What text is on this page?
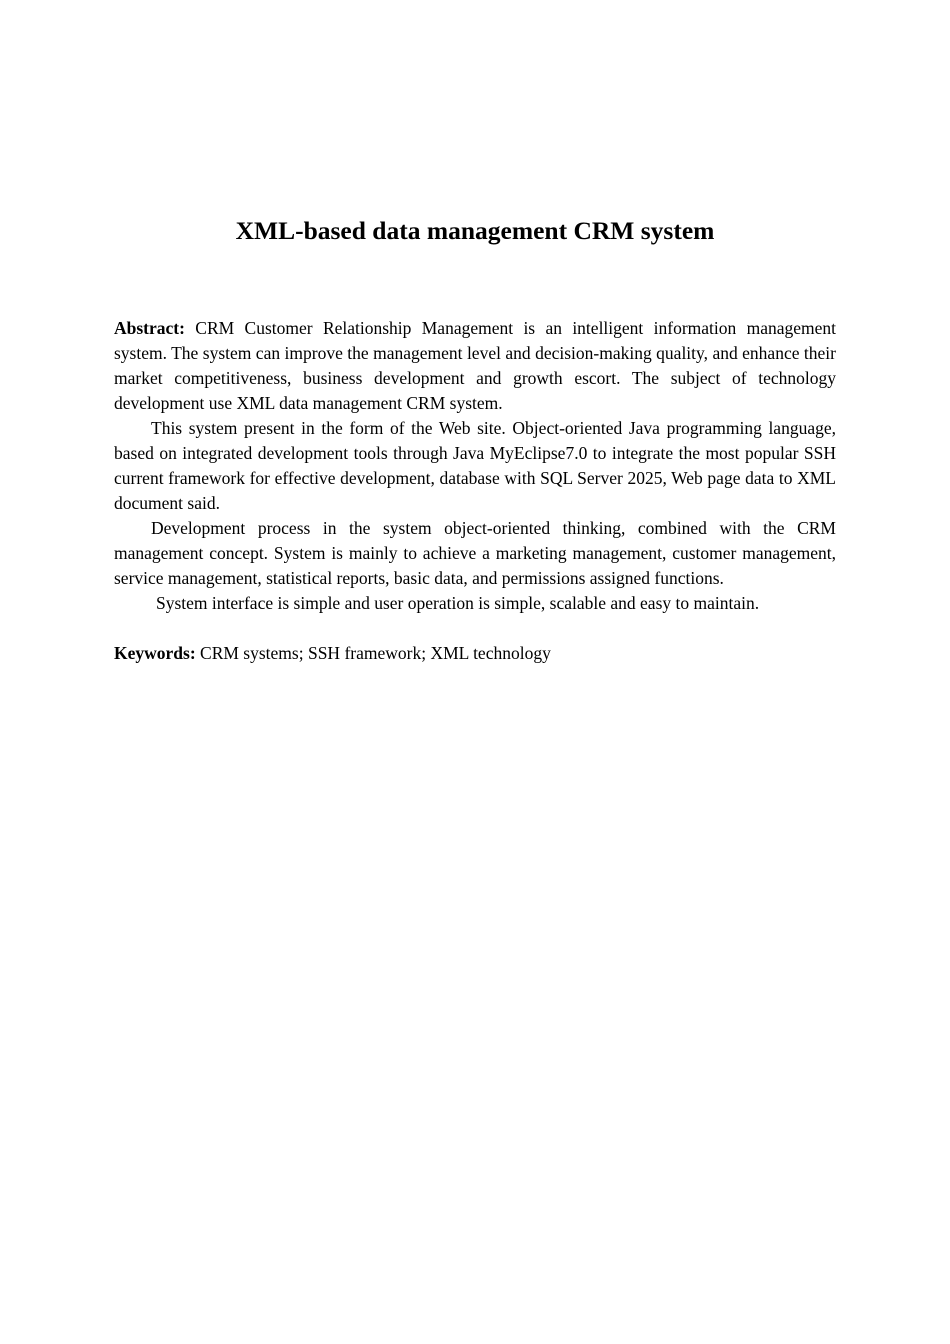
XML-based data management CRM system

Abstract: CRM Customer Relationship Management is an intelligent information management system. The system can improve the management level and decision-making quality, and enhance their market competitiveness, business development and growth escort. The subject of technology development use XML data management CRM system.

This system present in the form of the Web site. Object-oriented Java programming language, based on integrated development tools through Java MyEclipse7.0 to integrate the most popular SSH current framework for effective development, database with SQL Server 2025, Web page data to XML document said.

Development process in the system object-oriented thinking, combined with the CRM management concept. System is mainly to achieve a marketing management, customer management, service management, statistical reports, basic data, and permissions assigned functions.

System interface is simple and user operation is simple, scalable and easy to maintain.

Keywords: CRM systems; SSH framework; XML technology
